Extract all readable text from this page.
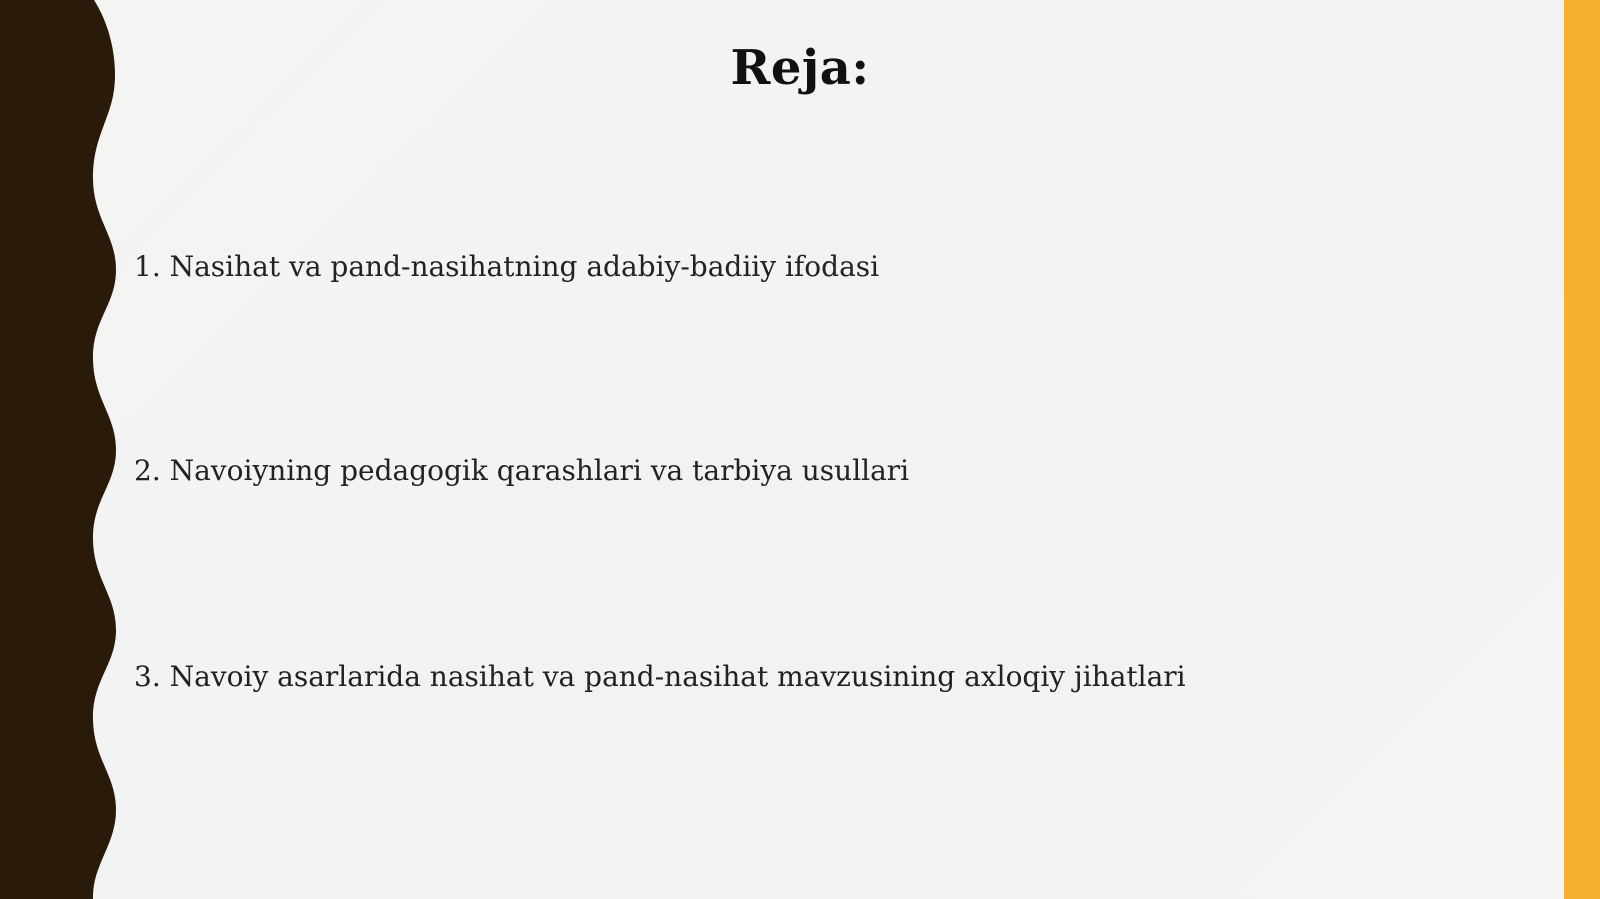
Reja:

1. Nasihat va pand-nasihatning adabiy-badiiy ifodasi

2. Navoiyning pedagogik qarashlari va tarbiya usullari

3. Navoiy asarlarida nasihat va pand-nasihat mavzusining axloqiy jihatlari
